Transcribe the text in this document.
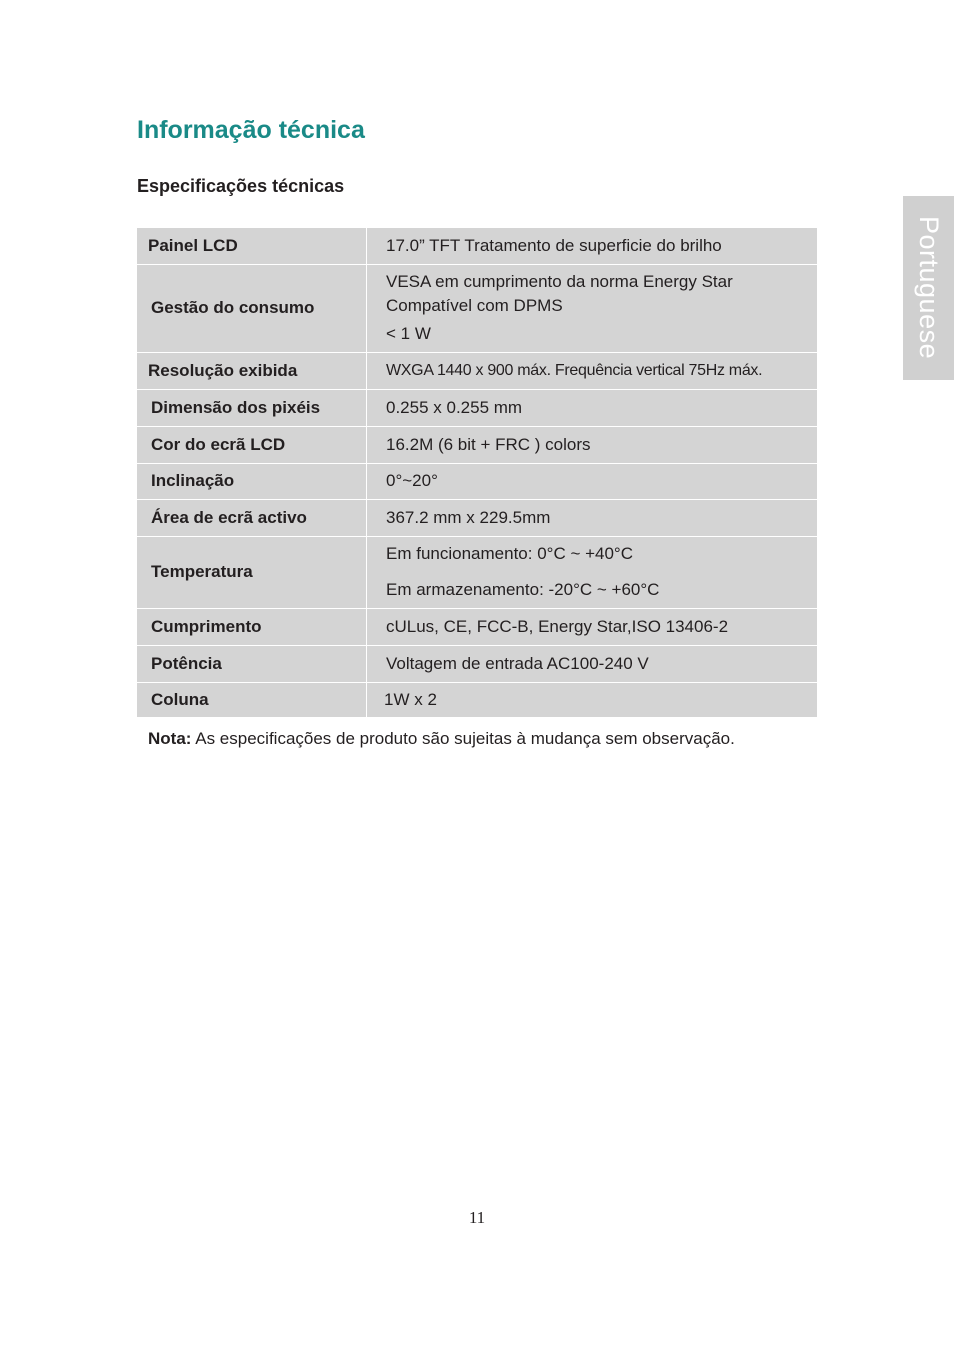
Informação técnica
Especificações técnicas
Portuguese
Painel LCD	17.0” TFT Tratamento de superficie do brilho
Gestão do consumo	VESA em cumprimento da norma Energy Star
Compatível com DPMS
< 1 W

Resolução exibida	WXGA 1440 x 900 máx. Frequência vertical 75Hz máx.
Dimensão dos pixéis	0.255 x 0.255 mm
Cor do ecrã LCD	16.2M (6 bit + FRC ) colors
Inclinação	0°~20°
Área de ecrã activo	367.2 mm x 229.5mm
Temperatura	Em funcionamento: 0°C ~ +40°C
Em armazenamento: -20°C ~ +60°C

Cumprimento	cULus, CE, FCC-B, Energy Star,ISO 13406-2
Potência	Voltagem de entrada AC100-240 V
Coluna	1W x 2

Nota: As especificações de produto são sujeitas à mudança sem observação.

11
